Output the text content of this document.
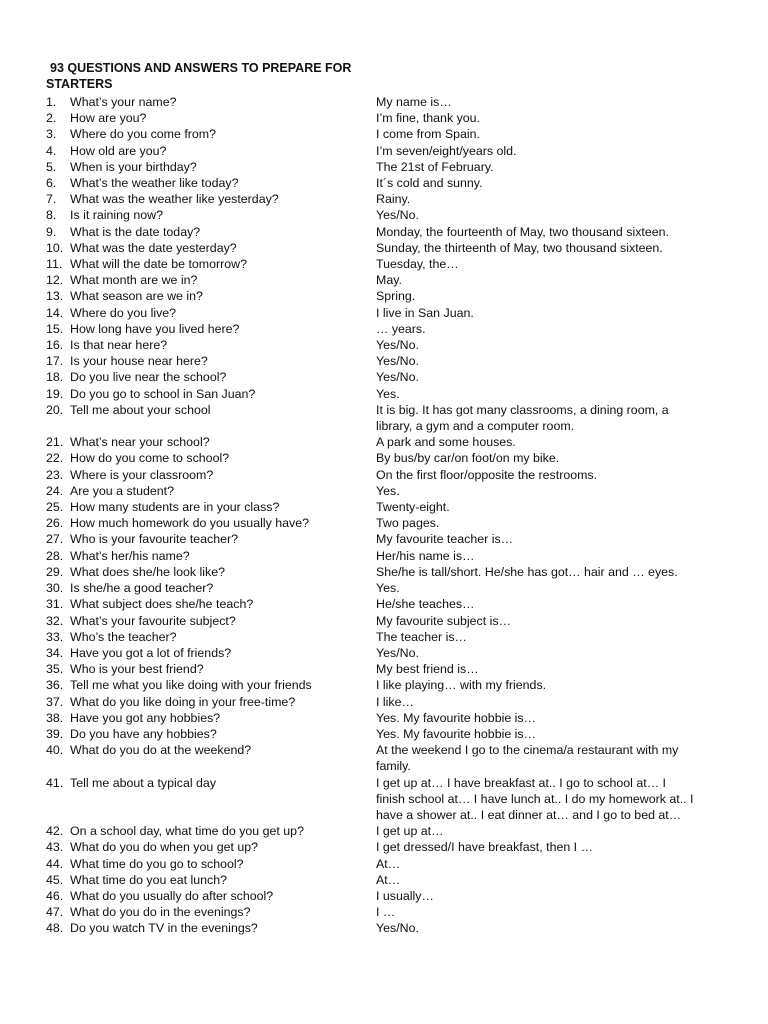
93 QUESTIONS AND ANSWERS TO PREPARE FOR
STARTERS
1.	What’s your name?	My name is…
2.	How are you?	I’m fine, thank you.
3.	Where do you come from?	I come from Spain.
4.	How old are you?	I’m seven/eight/years old.
5.	When is your birthday?	The 21st of February.
6.	What’s the weather like today?	It´s cold and sunny.
7.	What was the weather like yesterday?	Rainy.
8.	Is it raining now?	Yes/No.
9.	What is the date today?	Monday, the fourteenth of May, two thousand sixteen.
10. What was the date yesterday?	Sunday, the thirteenth of May, two thousand sixteen.
11. What will the date be tomorrow?	Tuesday, the…
12. What month are we in?	May.
13. What season are we in?	Spring.
14. Where do you live?	I live in San Juan.
15. How long have you lived here?	… years.
16. Is that near here?	Yes/No.
17. Is your house near here?	Yes/No.
18. Do you live near the school?	Yes/No.
19. Do you go to school in San Juan?	Yes.
20. Tell me about your school	It is big. It has got many classrooms, a dining room, a library, a gym and a computer room.
21. What’s near your school?	A park and some houses.
22. How do you come to school?	By bus/by car/on foot/on my bike.
23. Where is your classroom?	On the first floor/opposite the restrooms.
24. Are you a student?	Yes.
25. How many students are in your class?	Twenty-eight.
26. How much homework do you usually have?	Two pages.
27. Who is your favourite teacher?	My favourite teacher is…
28. What’s her/his name?	Her/his name is…
29. What does she/he look like?	She/he is tall/short. He/she has got… hair and … eyes.
30. Is she/he a good teacher?	Yes.
31. What subject does she/he teach?	He/she teaches…
32. What’s your favourite subject?	My favourite subject is…
33. Who’s the teacher?	The teacher is…
34. Have you got a lot of friends?	Yes/No.
35. Who is your best friend?	My best friend is…
36. Tell me what you like doing with your friends	I like playing… with my friends.
37. What do you like doing in your free-time?	I like…
38. Have you got any hobbies?	Yes. My favourite hobbie is…
39. Do you have any hobbies?	Yes. My favourite hobbie is…
40. What do you do at the weekend?	At the weekend I go to the cinema/a restaurant with my family.
41. Tell me about a typical day	I get up at… I have breakfast at.. I go to school at… I finish school at… I have lunch at.. I do my homework at.. I have a shower at.. I eat dinner at… and I go to bed at…
42. On a school day, what time do you get up?	I get up at…
43. What do you do when you get up?	I get dressed/I have breakfast, then I …
44. What time do you go to school?	At…
45. What time do you eat lunch?	At…
46. What do you usually do after school?	I usually…
47. What do you do in the evenings?	I …
48. Do you watch TV in the evenings?	Yes/No.
